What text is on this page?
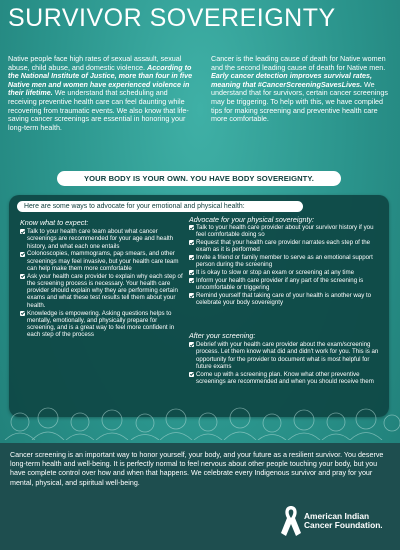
SURVIVOR SOVEREIGNTY

Native people face high rates of sexual assault, sexual abuse, child abuse, and domestic violence. According to the National Institute of Justice, more than four in five Native men and women have experienced violence in their lifetime. We understand that scheduling and receiving preventive health care can feel daunting while recovering from traumatic events. We also know that life-saving cancer screenings are essential in honoring your long-term health.

Cancer is the leading cause of death for Native women and the second leading cause of death for Native men. Early cancer detection improves survival rates, meaning that #CancerScreeningSavesLives. We understand that for survivors, certain cancer screenings may be triggering. To help with this, we have compiled tips for making screening and preventive health care more comfortable.

YOUR BODY IS YOUR OWN. YOU HAVE BODY SOVEREIGNTY.
Here are some ways to advocate for your emotional and physical health:
Know what to expect:
Talk to your health care team about what cancer screenings are recommended for your age and health history, and what each one entails
Colonoscopies, mammograms, pap smears, and other screenings may feel invasive, but your health care team can help make them more comfortable
Ask your health care provider to explain why each step of the screening process is necessary. Your health care provider should explain why they are performing certain exams and what these test results tell them about your health.
Knowledge is empowering. Asking questions helps to mentally, emotionally, and physically prepare for screening, and is a great way to feel more confident in each step of the process
Advocate for your physical sovereignty:
Talk to your health care provider about your survivor history if you feel comfortable doing so
Request that your health care provider narrates each step of the exam as it is performed
Invite a friend or family member to serve as an emotional support person during the screening
It is okay to slow or stop an exam or screening at any time
Inform your health care provider if any part of the screening is uncomfortable or triggering
Remind yourself that taking care of your health is another way to celebrate your body sovereignty
After your screening:
Debrief with your health care provider about the exam/screening process. Let them know what did and didn't work for you. This is an opportunity for the provider to document what is most helpful for future exams
Come up with a screening plan. Know what other preventive screenings are recommended and when you should receive them
Cancer screening is an important way to honor yourself, your body, and your future as a resilient survivor. You deserve long-term health and well-being. It is perfectly normal to feel nervous about other people touching your body, but you have complete control over how and when that happens. We celebrate every Indigenous survivor and pray for your mental, physical, and spiritual well-being.
American Indian
Cancer Foundation.
